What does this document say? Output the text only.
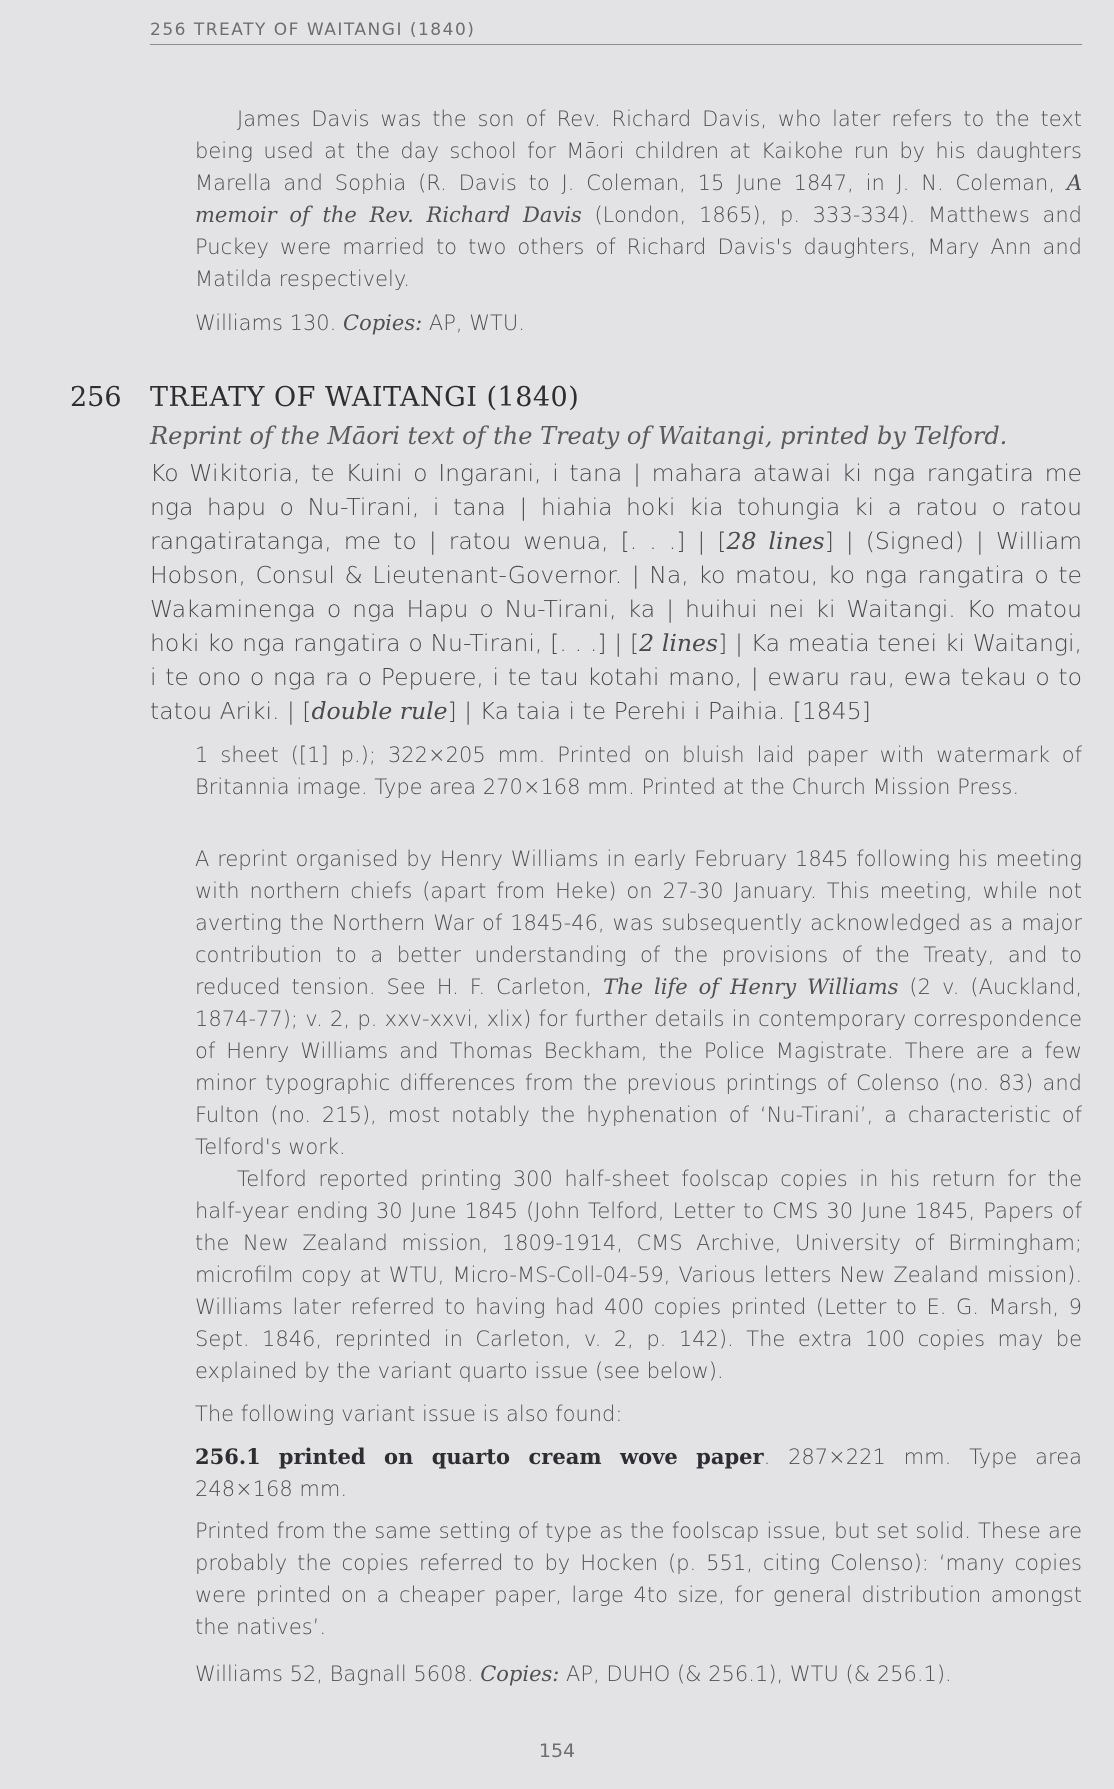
256 TREATY OF WAITANGI (1840)
James Davis was the son of Rev. Richard Davis, who later refers to the text being used at the day school for Māori children at Kaikohe run by his daughters Marella and Sophia (R. Davis to J. Coleman, 15 June 1847, in J. N. Coleman, A memoir of the Rev. Richard Davis (London, 1865), p. 333-334). Matthews and Puckey were married to two others of Richard Davis's daughters, Mary Ann and Matilda respectively.
Williams 130. Copies: AP, WTU.
256 TREATY OF WAITANGI (1840)
Reprint of the Māori text of the Treaty of Waitangi, printed by Telford.
Ko Wikitoria, te Kuini o Ingarani, i tana | mahara atawai ki nga rangatira me nga hapu o Nu-Tirani, i tana | hiahia hoki kia tohungia ki a ratou o ratou rangatiratanga, me to | ratou wenua, [. . .] | [28 lines] | (Signed) | William Hobson, Consul & Lieutenant-Governor. | Na, ko matou, ko nga rangatira o te Wakaminenga o nga Hapu o Nu-Tirani, ka | huihui nei ki Waitangi. Ko matou hoki ko nga rangatira o Nu-Tirani, [. . .] | [2 lines] | Ka meatia tenei ki Waitangi, i te ono o nga ra o Pepuere, i te tau kotahi mano, | ewaru rau, ewa tekau o to tatou Ariki. | [double rule] | Ka taia i te Perehi i Paihia. [1845]
1 sheet ([1] p.); 322×205 mm. Printed on bluish laid paper with watermark of Britannia image. Type area 270×168 mm. Printed at the Church Mission Press.
A reprint organised by Henry Williams in early February 1845 following his meeting with northern chiefs (apart from Heke) on 27-30 January. This meeting, while not averting the Northern War of 1845-46, was subsequently acknowledged as a major contribution to a better understanding of the provisions of the Treaty, and to reduced tension. See H. F. Carleton, The life of Henry Williams (2 v. (Auckland, 1874-77); v. 2, p. xxv-xxvi, xlix) for further details in contemporary correspondence of Henry Williams and Thomas Beckham, the Police Magistrate. There are a few minor typographic differences from the previous printings of Colenso (no. 83) and Fulton (no. 215), most notably the hyphenation of ‘Nu-Tirani’, a characteristic of Telford's work.
Telford reported printing 300 half-sheet foolscap copies in his return for the half-year ending 30 June 1845 (John Telford, Letter to CMS 30 June 1845, Papers of the New Zealand mission, 1809-1914, CMS Archive, University of Birmingham; microfilm copy at WTU, Micro-MS-Coll-04-59, Various letters New Zealand mission). Williams later referred to having had 400 copies printed (Letter to E. G. Marsh, 9 Sept. 1846, reprinted in Carleton, v. 2, p. 142). The extra 100 copies may be explained by the variant quarto issue (see below).
The following variant issue is also found:
256.1 printed on quarto cream wove paper. 287×221 mm. Type area 248×168 mm.
Printed from the same setting of type as the foolscap issue, but set solid. These are probably the copies referred to by Hocken (p. 551, citing Colenso): ‘many copies were printed on a cheaper paper, large 4to size, for general distribution amongst the natives’.
Williams 52, Bagnall 5608. Copies: AP, DUHO (& 256.1), WTU (& 256.1).
154
